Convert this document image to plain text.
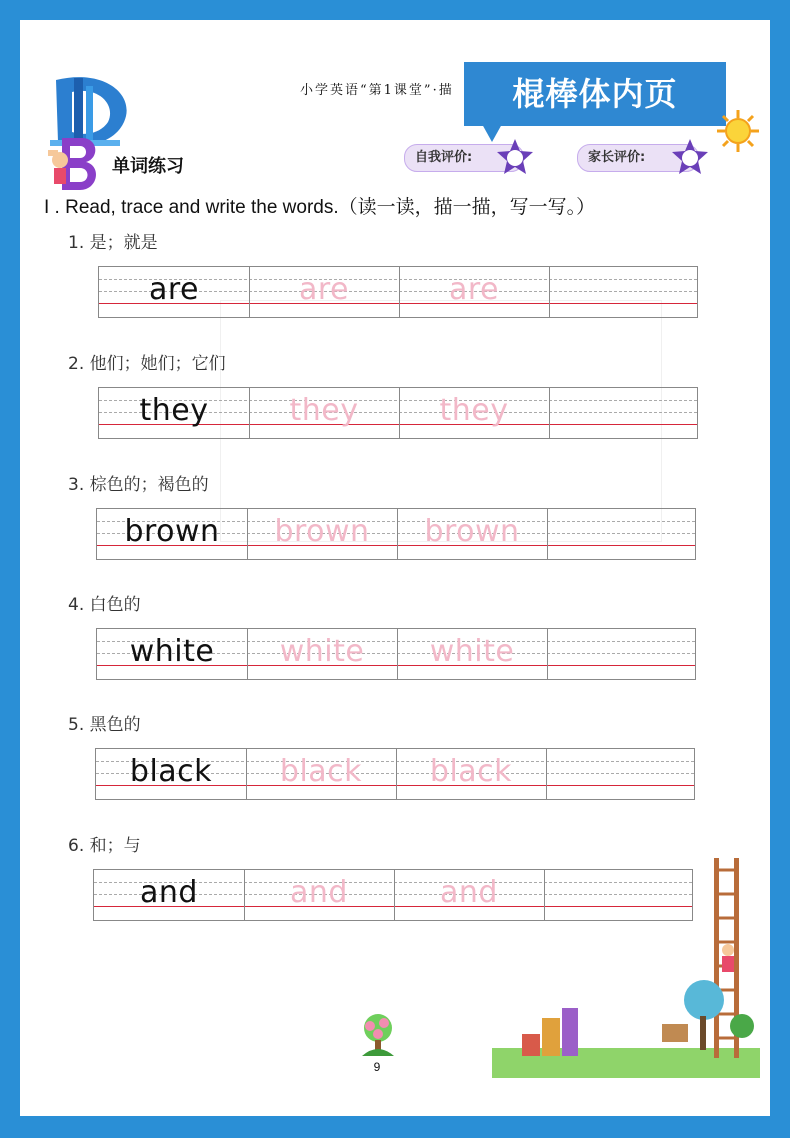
小学英语“第1课堂”·描	棍棒体内页
单词练习	自我评价:	家长评价:
I . Read, trace and write the words.（读一读，描一描，写一写。）
1. 是；就是
are	are	are
2. 他们；她们；它们
they	they	they
3. 棕色的；褐色的
brown	brown	brown
4. 白色的
white	white	white
5. 黑色的
black	black	black
6. 和；与
and	and	and
9
